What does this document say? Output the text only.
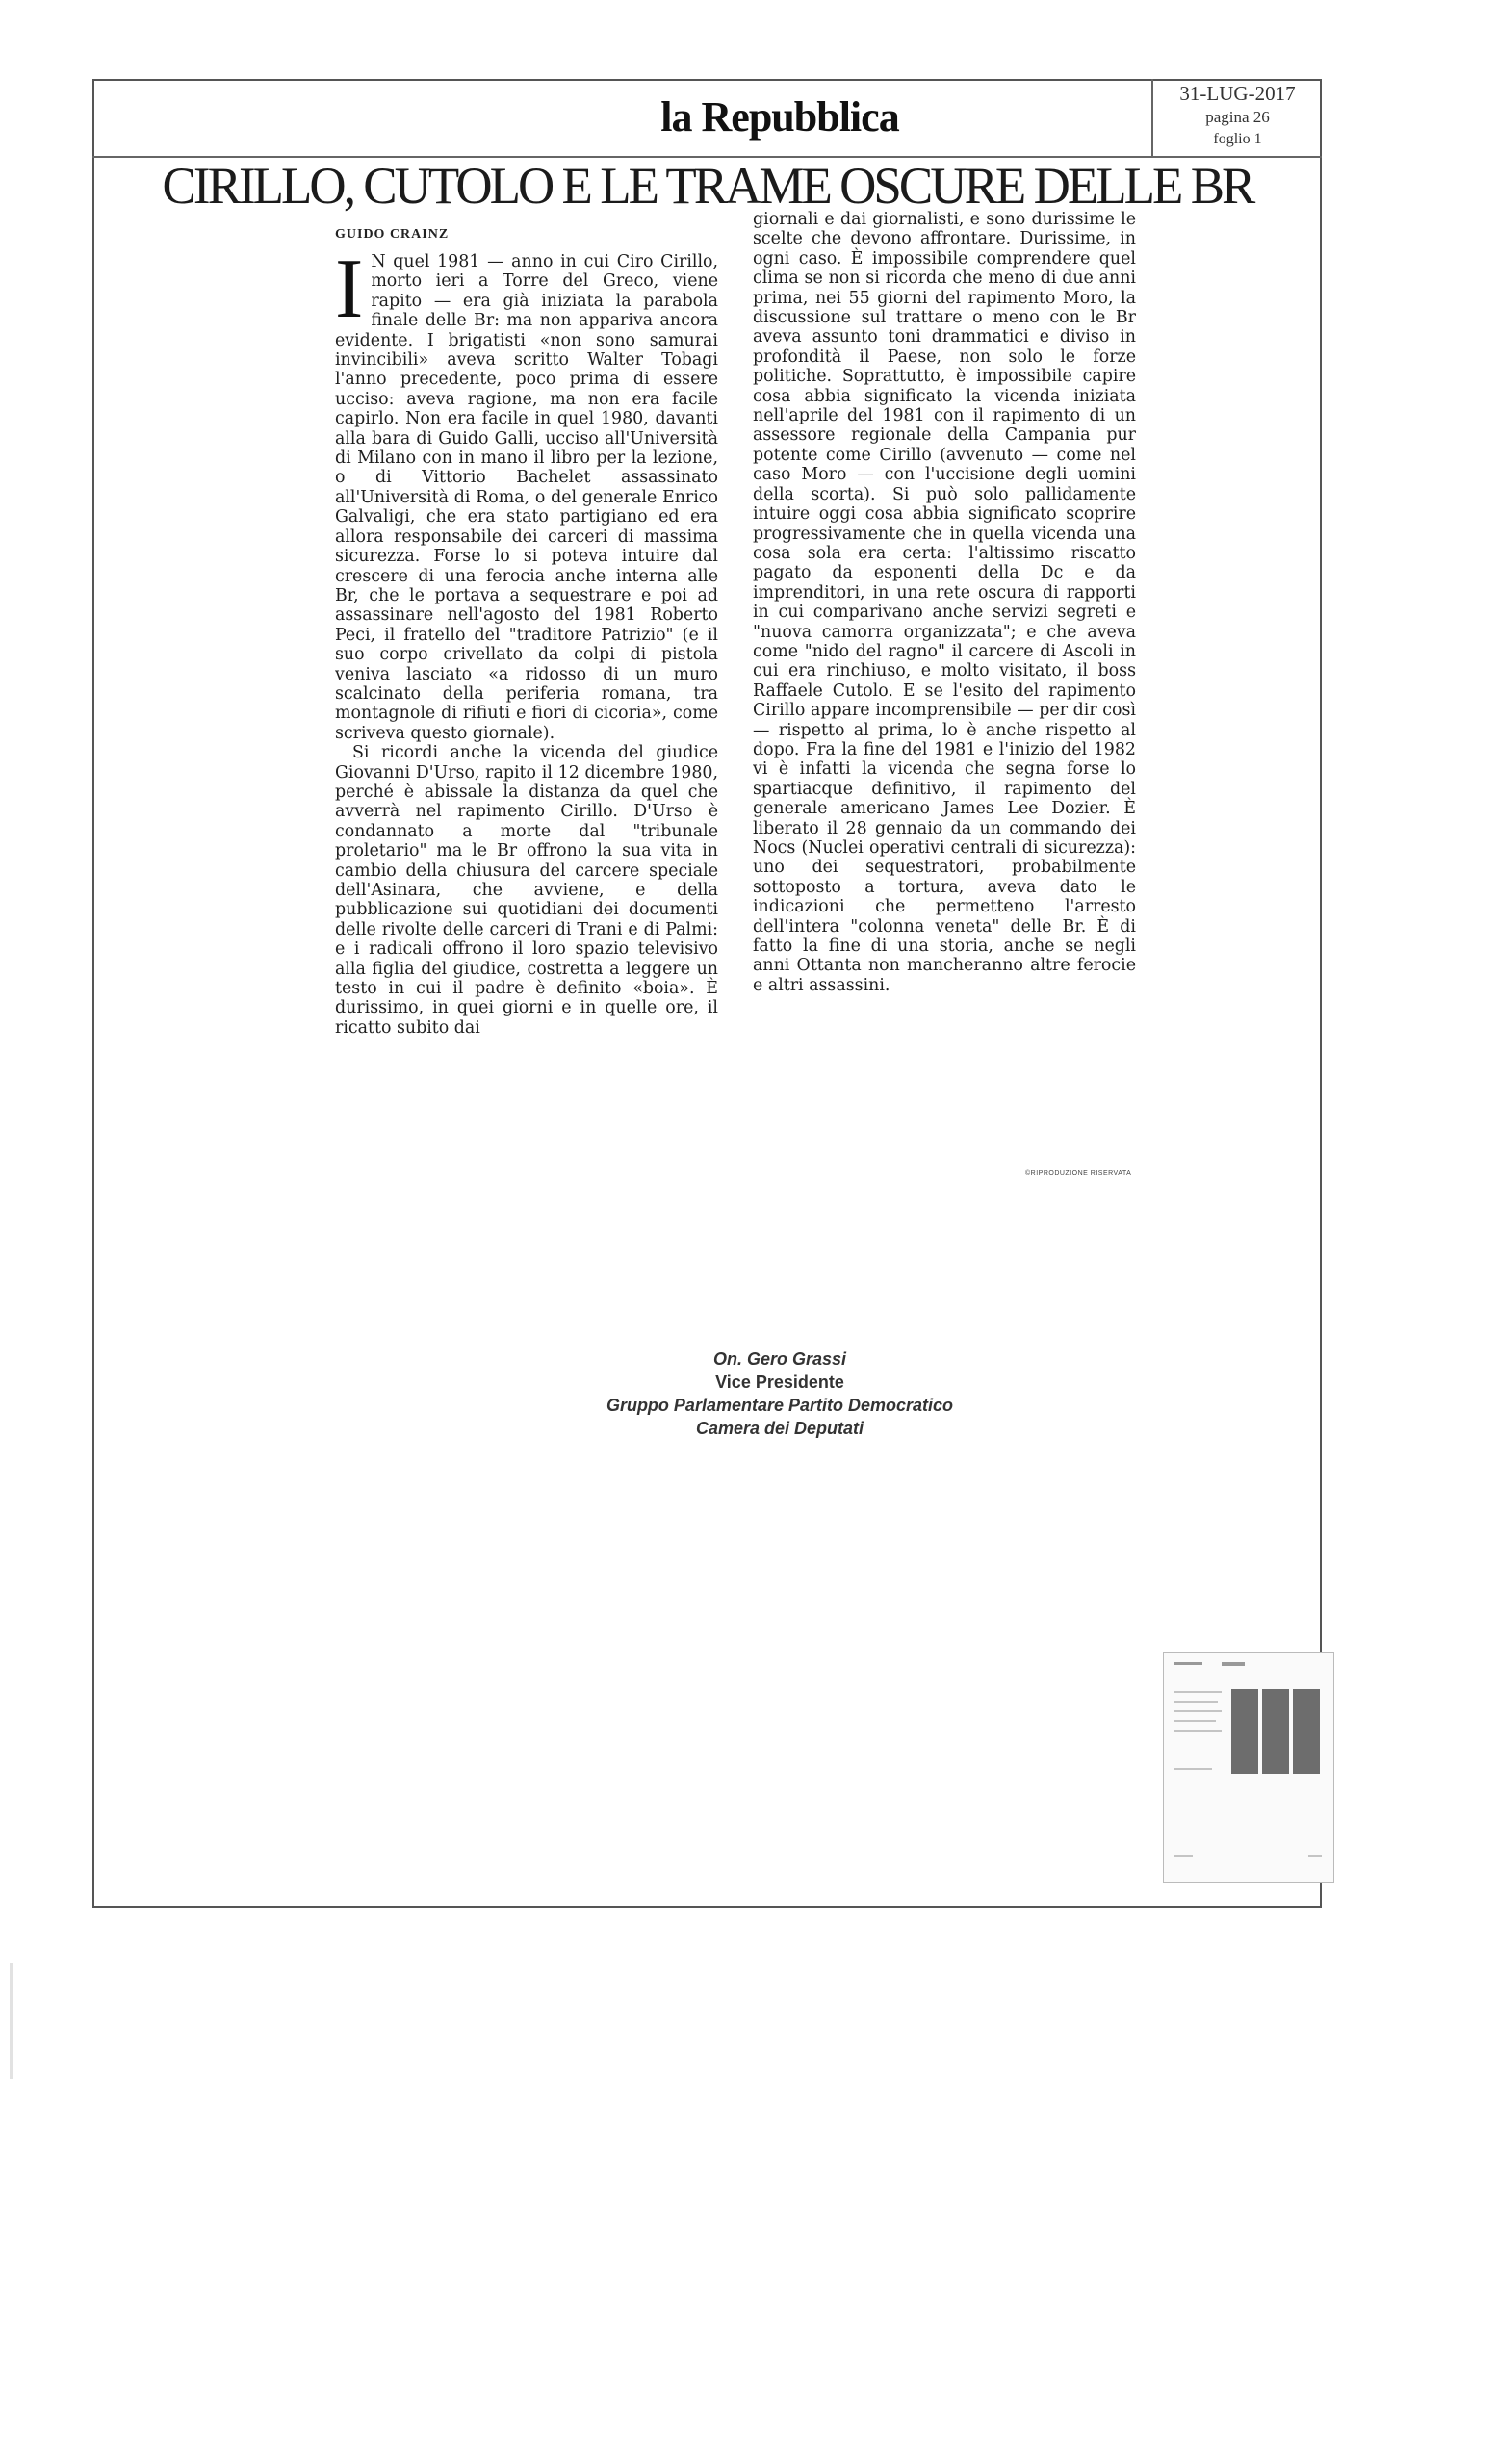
la Repubblica	31-LUG-2017
pagina 26
foglio 1
CIRILLO, CUTOLO E LE TRAME OSCURE DELLE BR
GUIDO CRAINZ

I N quel 1981 — anno in cui Ciro Cirillo, morto ieri a Torre del Greco, viene rapito — era già iniziata la parabola finale delle Br: ma non appariva ancora evidente. I brigatisti «non sono samurai invincibili» aveva scritto Walter Tobagi l'anno precedente, poco prima di essere ucciso: aveva ragione, ma non era facile capirlo. Non era facile in quel 1980, davanti alla bara di Guido Galli, ucciso all'Università di Milano con in mano il libro per la lezione, o di Vittorio Bachelet assassinato all'Università di Roma, o del generale Enrico Galvaligi, che era stato partigiano ed era allora responsabile dei carceri di massima sicurezza. Forse lo si poteva intuire dal crescere di una ferocia anche interna alle Br, che le portava a sequestrare e poi ad assassinare nell'agosto del 1981 Roberto Peci, il fratello del "traditore Patrizio" (e il suo corpo crivellato da colpi di pistola veniva lasciato «a ridosso di un muro scalcinato della periferia romana, tra montagnole di rifiuti e fiori di cicoria», come scriveva questo giornale).

Si ricordi anche la vicenda del giudice Giovanni D'Urso, rapito il 12 dicembre 1980, perché è abissale la distanza da quel che avverrà nel rapimento Cirillo. D'Urso è condannato a morte dal "tribunale proletario" ma le Br offrono la sua vita in cambio della chiusura del carcere speciale dell'Asinara, che avviene, e della pubblicazione sui quotidiani dei documenti delle rivolte delle carceri di Trani e di Palmi: e i radicali offrono il loro spazio televisivo alla figlia del giudice, costretta a leggere un testo in cui il padre è definito «boia». È durissimo, in quei giorni e in quelle ore, il ricatto subito dai

giornali e dai giornalisti, e sono durissime le scelte che devono affrontare. Durissime, in ogni caso. È impossibile comprendere quel clima se non si ricorda che meno di due anni prima, nei 55 giorni del rapimento Moro, la discussione sul trattare o meno con le Br aveva assunto toni drammatici e diviso in profondità il Paese, non solo le forze politiche. Soprattutto, è impossibile capire cosa abbia significato la vicenda iniziata nell'aprile del 1981 con il rapimento di un assessore regionale della Campania pur potente come Cirillo (avvenuto — come nel caso Moro — con l'uccisione degli uomini della scorta). Si può solo pallidamente intuire oggi cosa abbia significato scoprire progressivamente che in quella vicenda una cosa sola era certa: l'altissimo riscatto pagato da esponenti della Dc e da imprenditori, in una rete oscura di rapporti in cui comparivano anche servizi segreti e "nuova camorra organizzata"; e che aveva come "nido del ragno" il carcere di Ascoli in cui era rinchiuso, e molto visitato, il boss Raffaele Cutolo. E se l'esito del rapimento Cirillo appare incomprensibile — per dir così — rispetto al prima, lo è anche rispetto al dopo. Fra la fine del 1981 e l'inizio del 1982 vi è infatti la vicenda che segna forse lo spartiacque definitivo, il rapimento del generale americano James Lee Dozier. È liberato il 28 gennaio da un commando dei Nocs (Nuclei operativi centrali di sicurezza): uno dei sequestratori, probabilmente sottoposto a tortura, aveva dato le indicazioni che permetteno l'arresto dell'intera "colonna veneta" delle Br. È di fatto la fine di una storia, anche se negli anni Ottanta non mancheranno altre ferocie e altri assassini.

©RIPRODUZIONE RISERVATA
On. Gero Grassi
Vice Presidente
Gruppo Parlamentare Partito Democratico
Camera dei Deputati
